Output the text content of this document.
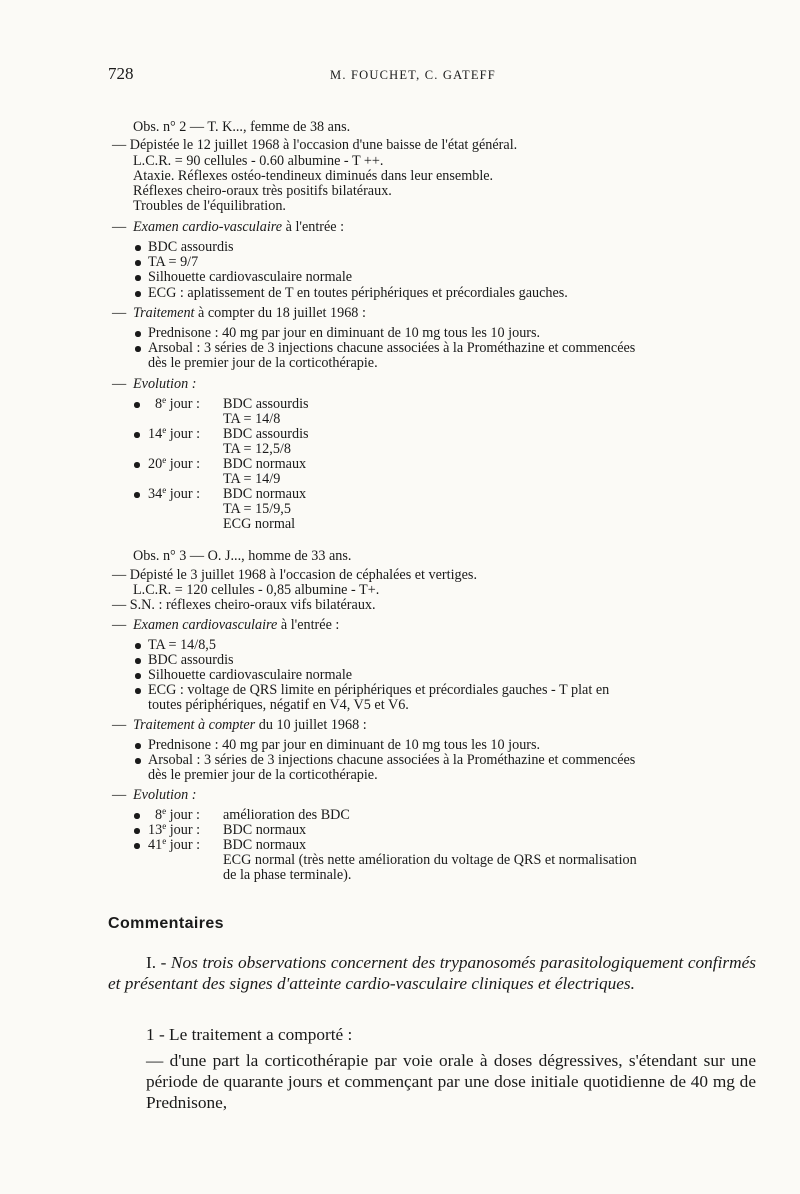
728	M. FOUCHET, C. GATEFF
Obs. n° 2 — T. K..., femme de 38 ans.
— Dépistée le 12 juillet 1968 à l'occasion d'une baisse de l'état général.
L.C.R. = 90 cellules - 0.60 albumine - T ++.
Ataxie. Réflexes ostéo-tendineux diminués dans leur ensemble.
Réflexes cheiro-oraux très positifs bilatéraux.
Troubles de l'équilibration.
— Examen cardio-vasculaire à l'entrée :
BDC assourdis
TA = 9/7
Silhouette cardiovasculaire normale
ECG : aplatissement de T en toutes périphériques et précordiales gauches.
— Traitement à compter du 18 juillet 1968 :
Prednisone : 40 mg par jour en diminuant de 10 mg tous les 10 jours.
Arsobal : 3 séries de 3 injections chacune associées à la Prométhazine et commencées
dès le premier jour de la corticothérapie.
— Evolution :
8e jour :	BDC assourdis
TA = 14/8
14e jour :	BDC assourdis
TA = 12,5/8
20e jour :	BDC normaux
TA = 14/9
34e jour :	BDC normaux
TA = 15/9,5
ECG normal
Obs. n° 3 — O. J..., homme de 33 ans.
— Dépisté le 3 juillet 1968 à l'occasion de céphalées et vertiges.
L.C.R. = 120 cellules - 0,85 albumine - T+.
— S.N. : réflexes cheiro-oraux vifs bilatéraux.
— Examen cardiovasculaire à l'entrée :
TA = 14/8,5
BDC assourdis
Silhouette cardiovasculaire normale
ECG : voltage de QRS limite en périphériques et précordiales gauches - T plat en
toutes périphériques, négatif en V4, V5 et V6.
— Traitement à compter du 10 juillet 1968 :
Prednisone : 40 mg par jour en diminuant de 10 mg tous les 10 jours.
Arsobal : 3 séries de 3 injections chacune associées à la Prométhazine et commencées
dès le premier jour de la corticothérapie.
— Evolution :
8e jour :	amélioration des BDC
13e jour :	BDC normaux
41e jour :	BDC normaux
ECG normal (très nette amélioration du voltage de QRS et normalisation
de la phase terminale).
Commentaires
I. - Nos trois observations concernent des trypanosomés parasitologiquement confirmés et présentant des signes d'atteinte cardio-vasculaire cliniques et électriques.
1 - Le traitement a comporté :
— d'une part la corticothérapie par voie orale à doses dégressives, s'étendant sur une période de quarante jours et commençant par une dose initiale quotidienne de 40 mg de Prednisone,
